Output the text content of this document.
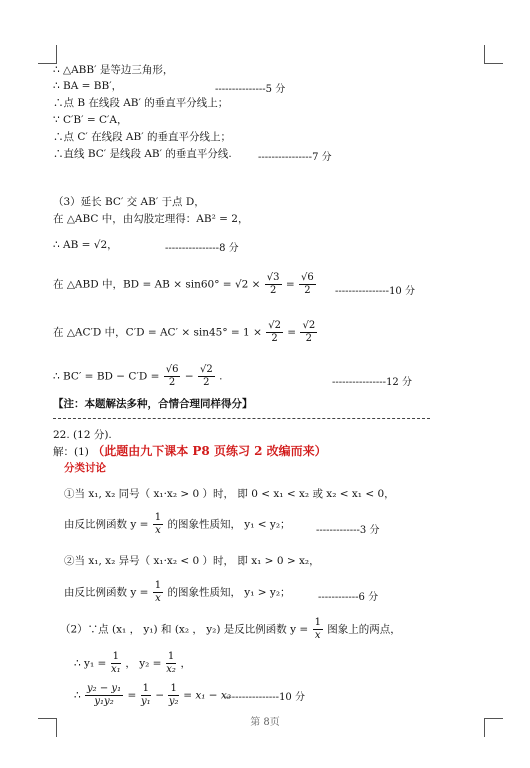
∴ △ABB′ 是等边三角形，
∴ BA = BB′，	---------------5 分
∴点 B 在线段 AB′ 的垂直平分线上；
∵ C′B′ = C′A，
∴点 C′ 在线段 AB′ 的垂直平分线上；
∴直线 BC′ 是线段 AB′ 的垂直平分线.	----------------7 分
（3）延长 BC′ 交 AB′ 于点 D，
在 △ABC 中，由勾股定理得：AB² = 2，
∴ AB = √2，	----------------8 分
在 △ABD 中，BD = AB × $\sin 60^\circ = √2 \times \frac{√3}{2} = \frac{√6}{2} ----------------10$ 分
在 △AC′D 中，$C'D = AC' \times \sin 45^\circ = 1 \times \frac{√2}{2} = \frac{√2}{2}$
∴ BC′ = BD − $C'D = \frac{√6}{2} - \frac{√2}{2}$ .	----------------12 分
【注：本题解法多种，合情合理同样得分】
22. (12 分).
解：(1) （此题由九下课本 P8 页练习 2 改编而来）
分类讨论
①当 x₁, x₂ 同号（ x₁·x₂ > 0 ）时， 即 0 < x₁ < x₂ 或 x₂ < x₁ < 0，
由反比例函数 $y = \frac{1}{x}$ 的图象性质知， y₁ < y₂；	-------------3 分
②当 x₁, x₂ 异号（ x₁·x₂ < 0 ）时， 即 x₁ > 0 > x₂，
由反比例函数 $y = \frac{1}{x}$ 的图象性质知， y₁ > y₂；	------------6 分
（2）∵点 (x₁ ， y₁) 和 (x₂ ， y₂) 是反比例函数 $y = \frac{1}{x}$ 图象上的两点，
∴ $y_1 = \frac{1}{\text{x₁}}$ ， $y_2 = \frac{1}{\text{x₂}}$ ，
∴ $\frac{\text{y₂ − y₁}}{\text{y₁y₂}} = \frac{1}{\text{y₁}} - \frac{1}{\text{y₂}} = x_1 - x_2$
----------------10 分
第 8页
